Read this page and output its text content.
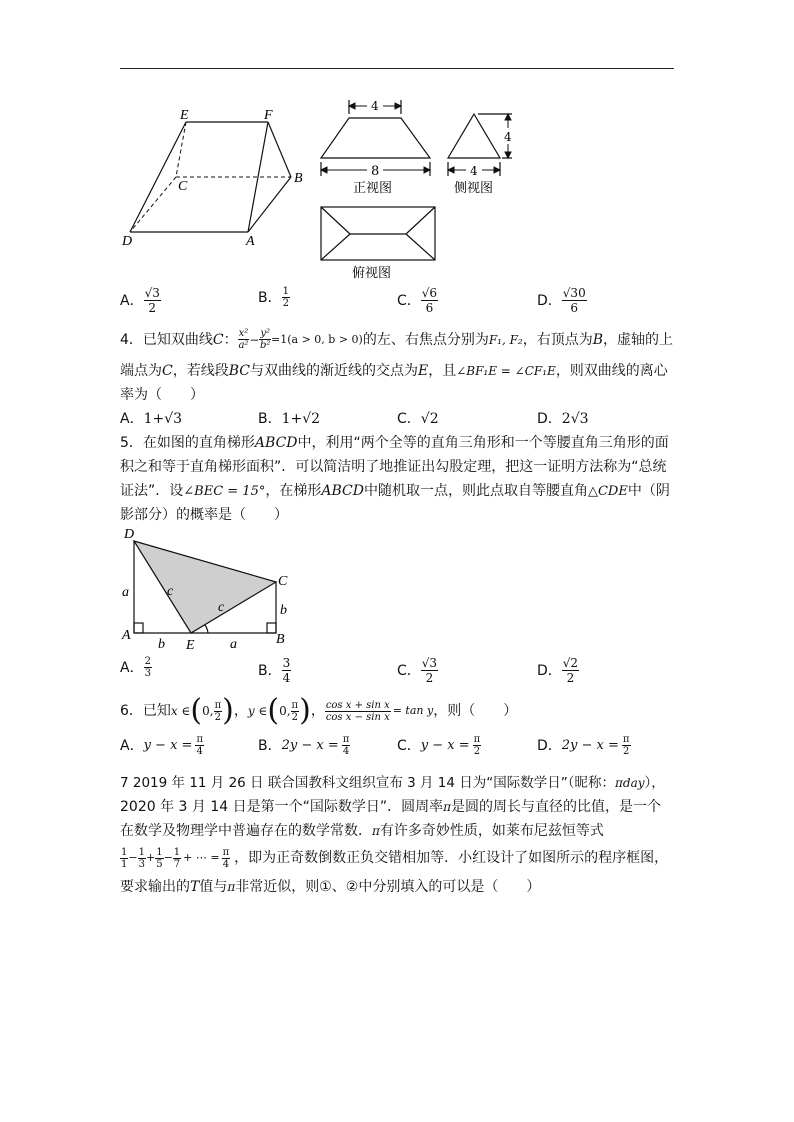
E	F
C
B
D	A
4
8
正视图
4
4
侧视图
俯视图
A． $\frac{√3}{2}$	B． $\frac{1}{2}$	C． $\frac{√6}{6}$	D． $\frac{√30}{6}$
4．已知双曲线 C ： $\frac{\text{x²}}{\text{a²}} - \frac{\text{y²}}{\text{b²}} =1(a > 0$, b > 0) 的左、右焦点分别为 F₁, F₂ ，右顶点为 B ，虚轴的上
端点为 C ，若线段 BC 与双曲线的渐近线的交点为 E ，且 ∠BF₁E = ∠CF₁E ，则双曲线的离心
率为（　　）
A．1+√3	B．1+√2	C．√2	D．2√3
5．在如图的直角梯形ABCD中，利用“两个全等的直角三角形和一个等腰直角三角形的面
积之和等于直角梯形面积”．可以简洁明了地推证出勾股定理，把这一证明方法称为“总统
证法”．设∠BEC = 15°，在梯形ABCD中随机取一点，则此点取自等腰直角△CDE中（阴
影部分）的概率是（　　）
D
C
A
E	B
a	c
c	b
b	a
A． $\frac{2}{3}$	B． $\frac{3}{4}$	C． $\frac{√3}{2}$	D． $\frac{√2}{2}$
6．已知 x ∈ ( 0, $\frac{\pi}{2}$ ) ， y ∈ ( 0, $\frac{\pi}{2}$ ) ， $\frac{\text{cos x + sin x}}{\text{cos x − sin x}} = \tan y$ ，则（　　）
A． $y - x = \frac{\pi}{4}$	B． $2y - x = \frac{\pi}{4}$	C． $y - x = \frac{\pi}{2}$	D． $2y - x = \frac{\pi}{2}$
7 2019 年 11 月 26 日 联合国教科文组织宣布 3 月 14 日为“国际数学日”（昵称：πday），
2020 年 3 月 14 日是第一个“国际数学日”．圆周率π是圆的周长与直径的比值，是一个
在数学及物理学中普遍存在的数学常数．π有许多奇妙性质，如莱布尼兹恒等式
$\frac{1}{1} - \frac{1}{3} + \frac{1}{5} - \frac{1}{7}$ + ⋯ = $\frac{\pi}{4}$ ，即为正奇数倒数正负交错相加等．小红设计了如图所示的程序框图，
要求输出的T值与π非常近似，则①、②中分别填入的可以是（　　）
